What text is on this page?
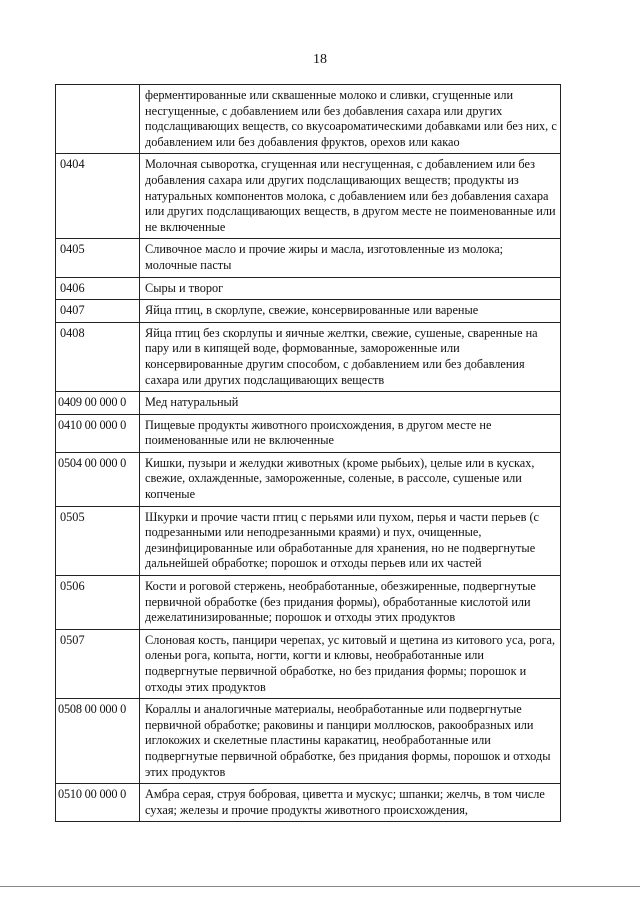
18
	ферментированные или сквашенные молоко и сливки, сгущенные или несгущенные, с добавлением или без добавления сахара или других подслащивающих веществ, со вкусоароматическими добавками или без них, с добавлением или без добавления фруктов, орехов или какао
0404	Молочная сыворотка, сгущенная или несгущенная, с добавлением или без добавления сахара или других подслащивающих веществ; продукты из натуральных компонентов молока, с добавлением или без добавления сахара или других подслащивающих веществ, в другом месте не поименованные или не включенные
0405	Сливочное масло и прочие жиры и масла, изготовленные из молока; молочные пасты
0406	Сыры и творог
0407	Яйца птиц, в скорлупе, свежие, консервированные или вареные
0408	Яйца птиц без скорлупы и яичные желтки, свежие, сушеные, сваренные на пару или в кипящей воде, формованные, замороженные или консервированные другим способом, с добавлением или без добавления сахара или других подслащивающих веществ
0409 00 000 0	Мед натуральный
0410 00 000 0	Пищевые продукты животного происхождения, в другом месте не поименованные или не включенные
0504 00 000 0	Кишки, пузыри и желудки животных (кроме рыбьих), целые или в кусках, свежие, охлажденные, замороженные, соленые, в рассоле, сушеные или копченые
0505	Шкурки и прочие части птиц с перьями или пухом, перья и части перьев (с подрезанными или неподрезанными краями) и пух, очищенные, дезинфицированные или обработанные для хранения, но не подвергнутые дальнейшей обработке; порошок и отходы перьев или их частей
0506	Кости и роговой стержень, необработанные, обезжиренные, подвергнутые первичной обработке (без придания формы), обработанные кислотой или дежелатинизированные; порошок и отходы этих продуктов
0507	Слоновая кость, панцири черепах, ус китовый и щетина из китового уса, рога, оленьи рога, копыта, ногти, когти и клювы, необработанные или подвергнутые первичной обработке, но без придания формы; порошок и отходы этих продуктов
0508 00 000 0	Кораллы и аналогичные материалы, необработанные или подвергнутые первичной обработке; раковины и панцири моллюсков, ракообразных или иглокожих и скелетные пластины каракатиц, необработанные или подвергнутые первичной обработке, без придания формы, порошок и отходы этих продуктов
0510 00 000 0	Амбра серая, струя бобровая, циветта и мускус; шпанки; желчь, в том числе сухая; железы и прочие продукты животного происхождения,
